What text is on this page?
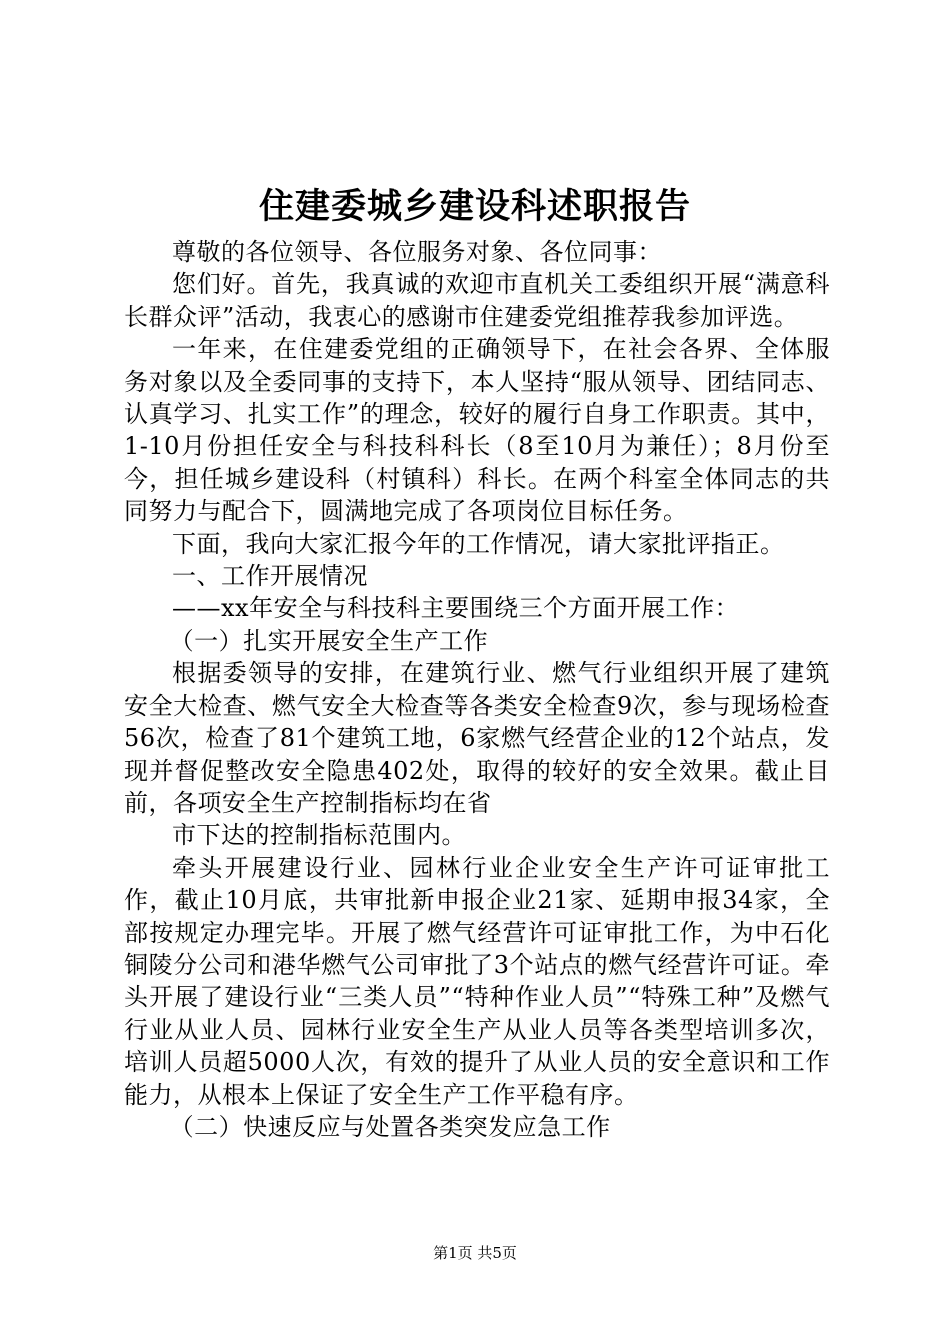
住建委城乡建设科述职报告

尊敬的各位领导、各位服务对象、各位同事：

您们好。首先，我真诚的欢迎市直机关工委组织开展“满意科长群众评”活动，我衷心的感谢市住建委党组推荐我参加评选。

一年来，在住建委党组的正确领导下，在社会各界、全体服务对象以及全委同事的支持下，本人坚持“服从领导、团结同志、认真学习、扎实工作”的理念，较好的履行自身工作职责。其中，1-10月份担任安全与科技科科长（8至10月为兼任）；8月份至今，担任城乡建设科（村镇科）科长。在两个科室全体同志的共同努力与配合下，圆满地完成了各项岗位目标任务。

下面，我向大家汇报今年的工作情况，请大家批评指正。

一、工作开展情况

——xx年安全与科技科主要围绕三个方面开展工作：

（一）扎实开展安全生产工作

根据委领导的安排，在建筑行业、燃气行业组织开展了建筑安全大检查、燃气安全大检查等各类安全检查9次，参与现场检查56次，检查了81个建筑工地，6家燃气经营企业的12个站点，发现并督促整改安全隐患402处，取得的较好的安全效果。截止目前，各项安全生产控制指标均在省

市下达的控制指标范围内。

牵头开展建设行业、园林行业企业安全生产许可证审批工作，截止10月底，共审批新申报企业21家、延期申报34家，全部按规定办理完毕。开展了燃气经营许可证审批工作，为中石化铜陵分公司和港华燃气公司审批了3个站点的燃气经营许可证。牵头开展了建设行业“三类人员”“特种作业人员”“特殊工种”及燃气行业从业人员、园林行业安全生产从业人员等各类型培训多次，培训人员超5000人次，有效的提升了从业人员的安全意识和工作能力，从根本上保证了安全生产工作平稳有序。

（二）快速反应与处置各类突发应急工作

第1页 共5页
